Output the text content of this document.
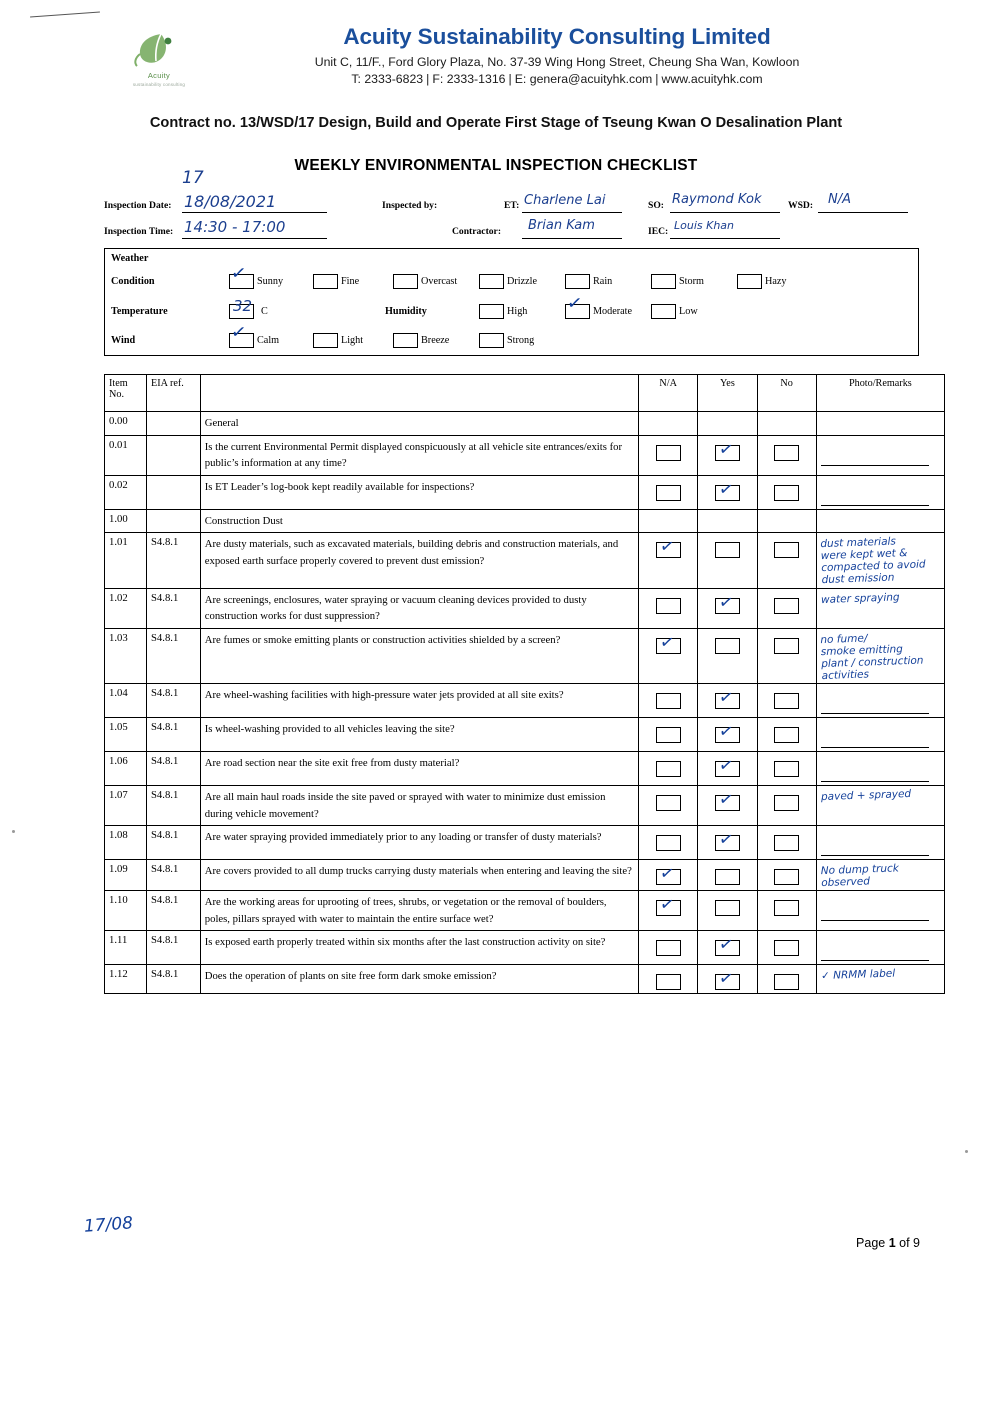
Acuity
sustainability consulting
Acuity Sustainability Consulting Limited
Unit C, 11/F., Ford Glory Plaza, No. 37-39 Wing Hong Street, Cheung Sha Wan, Kowloon
T: 2333-6823 | F: 2333-1316 | E: genera@acuityhk.com | www.acuityhk.com
Contract no. 13/WSD/17 Design, Build and Operate First Stage of Tseung Kwan O Desalination Plant
WEEKLY ENVIRONMENTAL INSPECTION CHECKLIST
17
Inspection Date: 18/08/2021	Inspected by:	ET: Charlene Lai	SO: Raymond Kok	WSD: N/A
Inspection Time: 14:30 - 17:00	Contractor: Brian Kam	IEC: Louis Khan
Weather
Condition	✓ Sunny	Fine	Overcast	Drizzle	Rain	Storm	Hazy
Temperature	32 C	Humidity	High ✓ Moderate	Low
Wind	✓ Calm	Light	Breeze	Strong
Item
No.	EIA ref.		N/A	Yes	No	Photo/Remarks
0.00		General				
0.01		Is the current Environmental Permit displayed conspicuously at all vehicle site entrances/exits for public’s information at any time?		✓		

0.02		Is ET Leader’s log-book kept readily available for inspections?		✓		

1.00		Construction Dust				
1.01	S4.8.1	Are dusty materials, such as excavated materials, building debris and construction materials, and exposed earth surface properly covered to prevent dust emission?	✓			dust materials
were kept wet &
compacted to avoid
dust emission

1.02	S4.8.1	Are screenings, enclosures, water spraying or vacuum cleaning devices provided to dusty construction works for dust suppression?		✓		water spraying

1.03	S4.8.1	Are fumes or smoke emitting plants or construction activities shielded by a screen?	✓			no fume/
smoke emitting
plant / construction
activities

1.04	S4.8.1	Are wheel-washing facilities with high-pressure water jets provided at all site exits?		✓		

1.05	S4.8.1	Is wheel-washing provided to all vehicles leaving the site?		✓		

1.06	S4.8.1	Are road section near the site exit free from dusty material?		✓		

1.07	S4.8.1	Are all main haul roads inside the site paved or sprayed with water to minimize dust emission during vehicle movement?		✓		paved + sprayed

1.08	S4.8.1	Are water spraying provided immediately prior to any loading or transfer of dusty materials?		✓		

1.09	S4.8.1	Are covers provided to all dump trucks carrying dusty materials when entering and leaving the site?	✓			No dump truck
observed

1.10	S4.8.1	Are the working areas for uprooting of trees, shrubs, or vegetation or the removal of boulders, poles, pillars sprayed with water to maintain the entire surface wet?	✓			

1.11	S4.8.1	Is exposed earth properly treated within six months after the last construction activity on site?		✓		

1.12	S4.8.1	Does the operation of plants on site free form dark smoke emission?		✓		✓ NRMM label
17/08
Page 1 of 9
